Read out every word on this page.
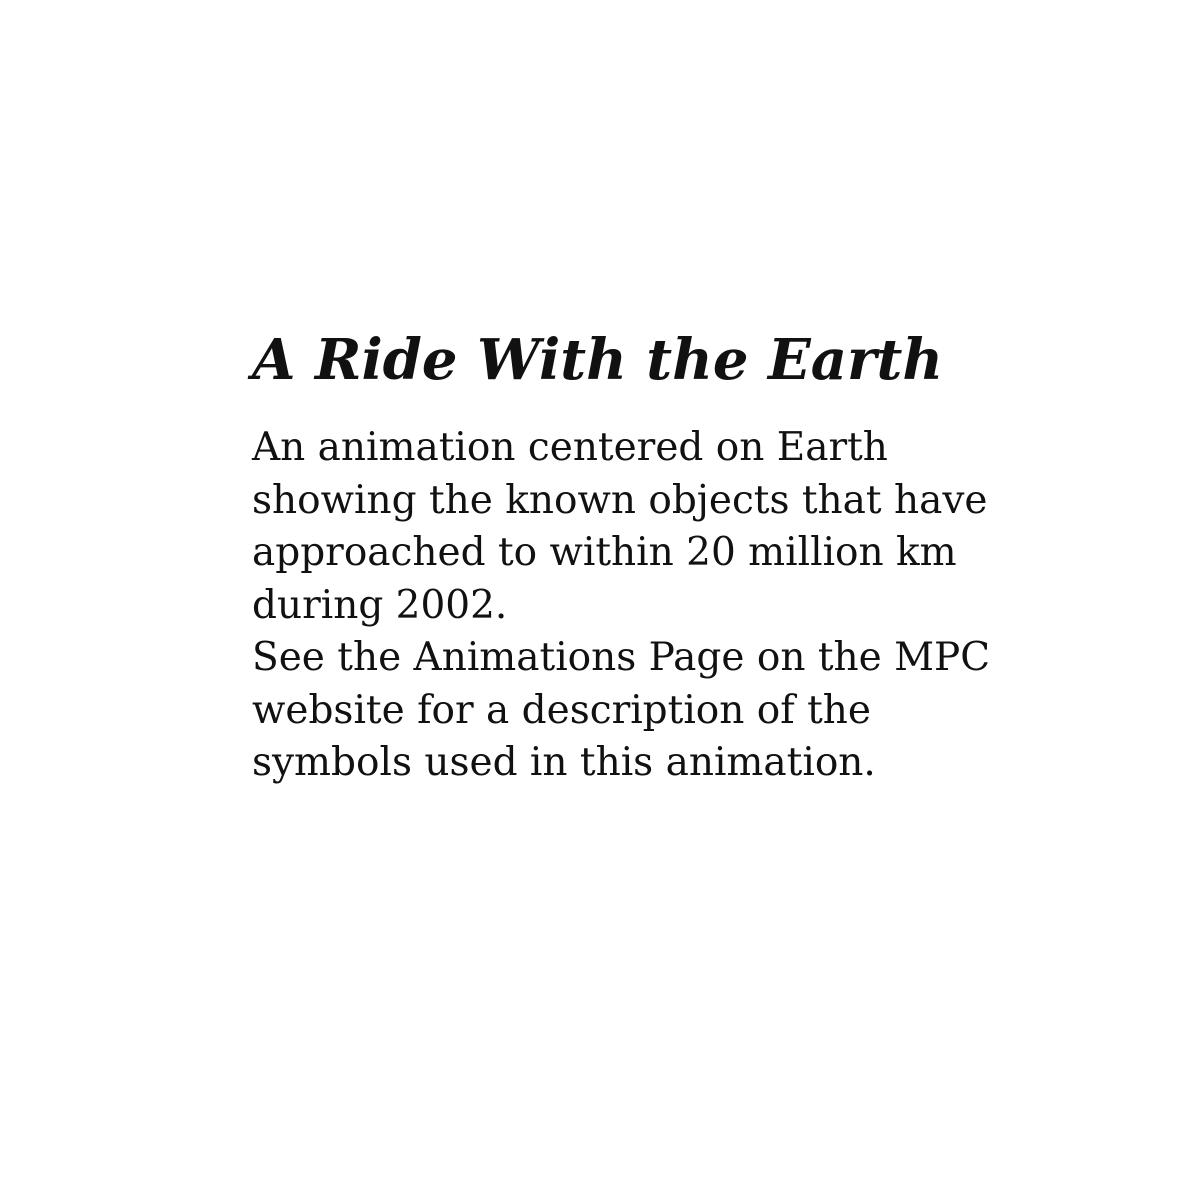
A Ride With the Earth
An animation centered on Earth
showing the known objects that have
approached to within 20 million km
during 2002.
See the Animations Page on the MPC
website for a description of the
symbols used in this animation.
